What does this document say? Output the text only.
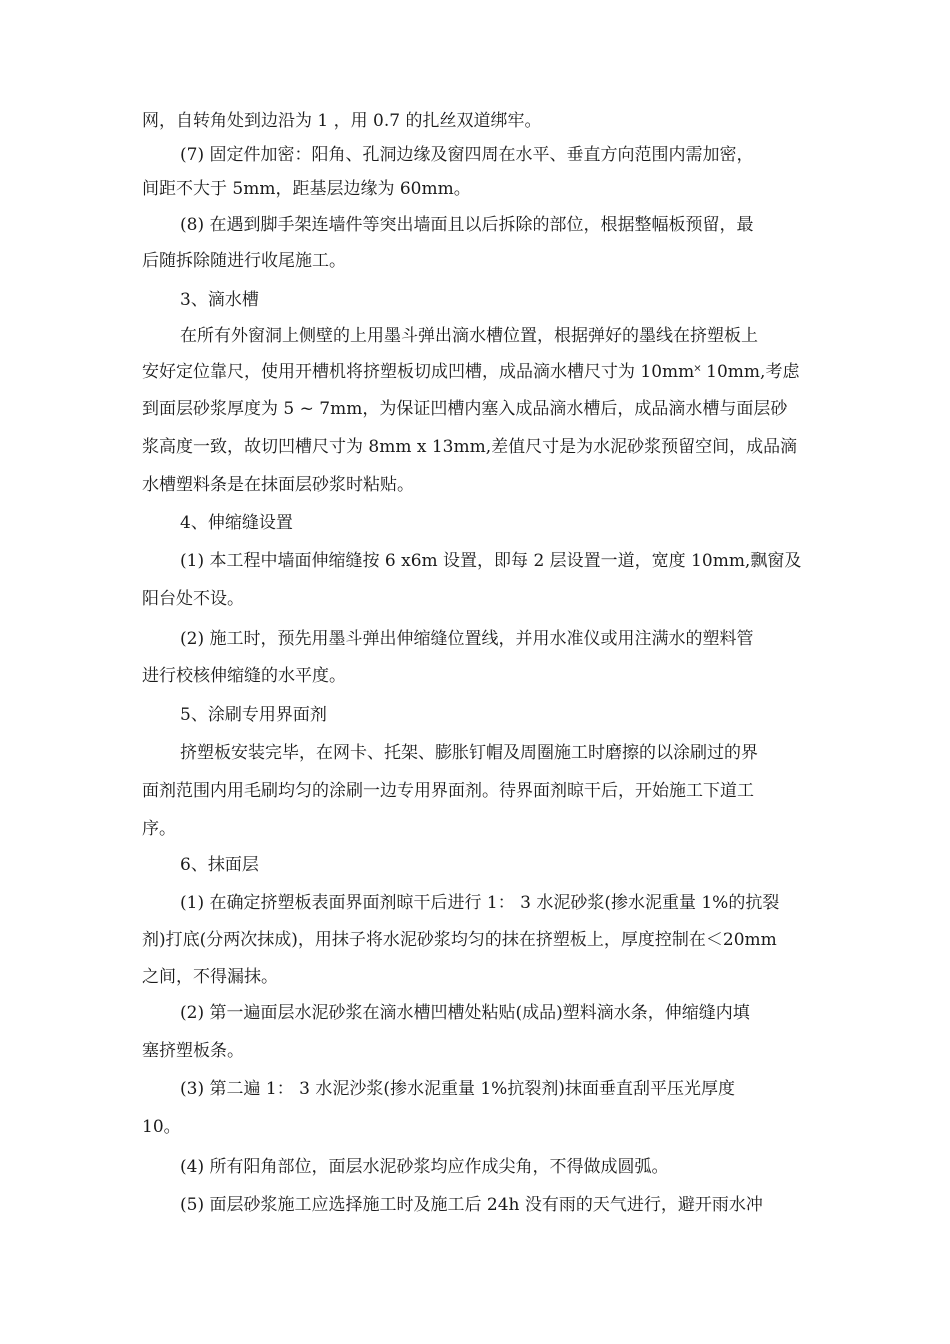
网，自转角处到边沿为 1 ，用 0.7 的扎丝双道绑牢。

(7) 固定件加密：阳角、孔洞边缘及窗四周在水平、垂直方向范围内需加密，

间距不大于 5mm，距基层边缘为 60mm。

(8) 在遇到脚手架连墙件等突出墙面且以后拆除的部位，根据整幅板预留，最

后随拆除随进行收尾施工。

3、滴水槽

在所有外窗洞上侧壁的上用墨斗弹出滴水槽位置，根据弹好的墨线在挤塑板上

安好定位靠尺，使用开槽机将挤塑板切成凹槽，成品滴水槽尺寸为 10mm˟ 10mm,考虑

到面层砂浆厚度为 5 ~ 7mm，为保证凹槽内塞入成品滴水槽后，成品滴水槽与面层砂

浆高度一致，故切凹槽尺寸为 8mm x 13mm,差值尺寸是为水泥砂浆预留空间，成品滴

水槽塑料条是在抹面层砂浆时粘贴。

4、伸缩缝设置

(1) 本工程中墙面伸缩缝按 6 x6m 设置，即每 2 层设置一道，宽度 10mm,飘窗及

阳台处不设。

(2) 施工时，预先用墨斗弹出伸缩缝位置线，并用水准仪或用注满水的塑料管

进行校核伸缩缝的水平度。

5、涂刷专用界面剂

挤塑板安装完毕，在网卡、托架、膨胀钉帽及周圈施工时磨擦的以涂刷过的界

面剂范围内用毛刷均匀的涂刷一边专用界面剂。待界面剂晾干后，开始施工下道工

序。

6、抹面层

(1) 在确定挤塑板表面界面剂晾干后进行 1： 3 水泥砂浆(掺水泥重量 1%的抗裂

剂)打底(分两次抹成)，用抹子将水泥砂浆均匀的抹在挤塑板上，厚度控制在＜20mm

之间，不得漏抹。

(2) 第一遍面层水泥砂浆在滴水槽凹槽处粘贴(成品)塑料滴水条，伸缩缝内填

塞挤塑板条。

(3) 第二遍 1： 3 水泥沙浆(掺水泥重量 1%抗裂剂)抹面垂直刮平压光厚度

10。

(4) 所有阳角部位，面层水泥砂浆均应作成尖角，不得做成圆弧。

(5) 面层砂浆施工应选择施工时及施工后 24h 没有雨的天气进行，避开雨水冲
